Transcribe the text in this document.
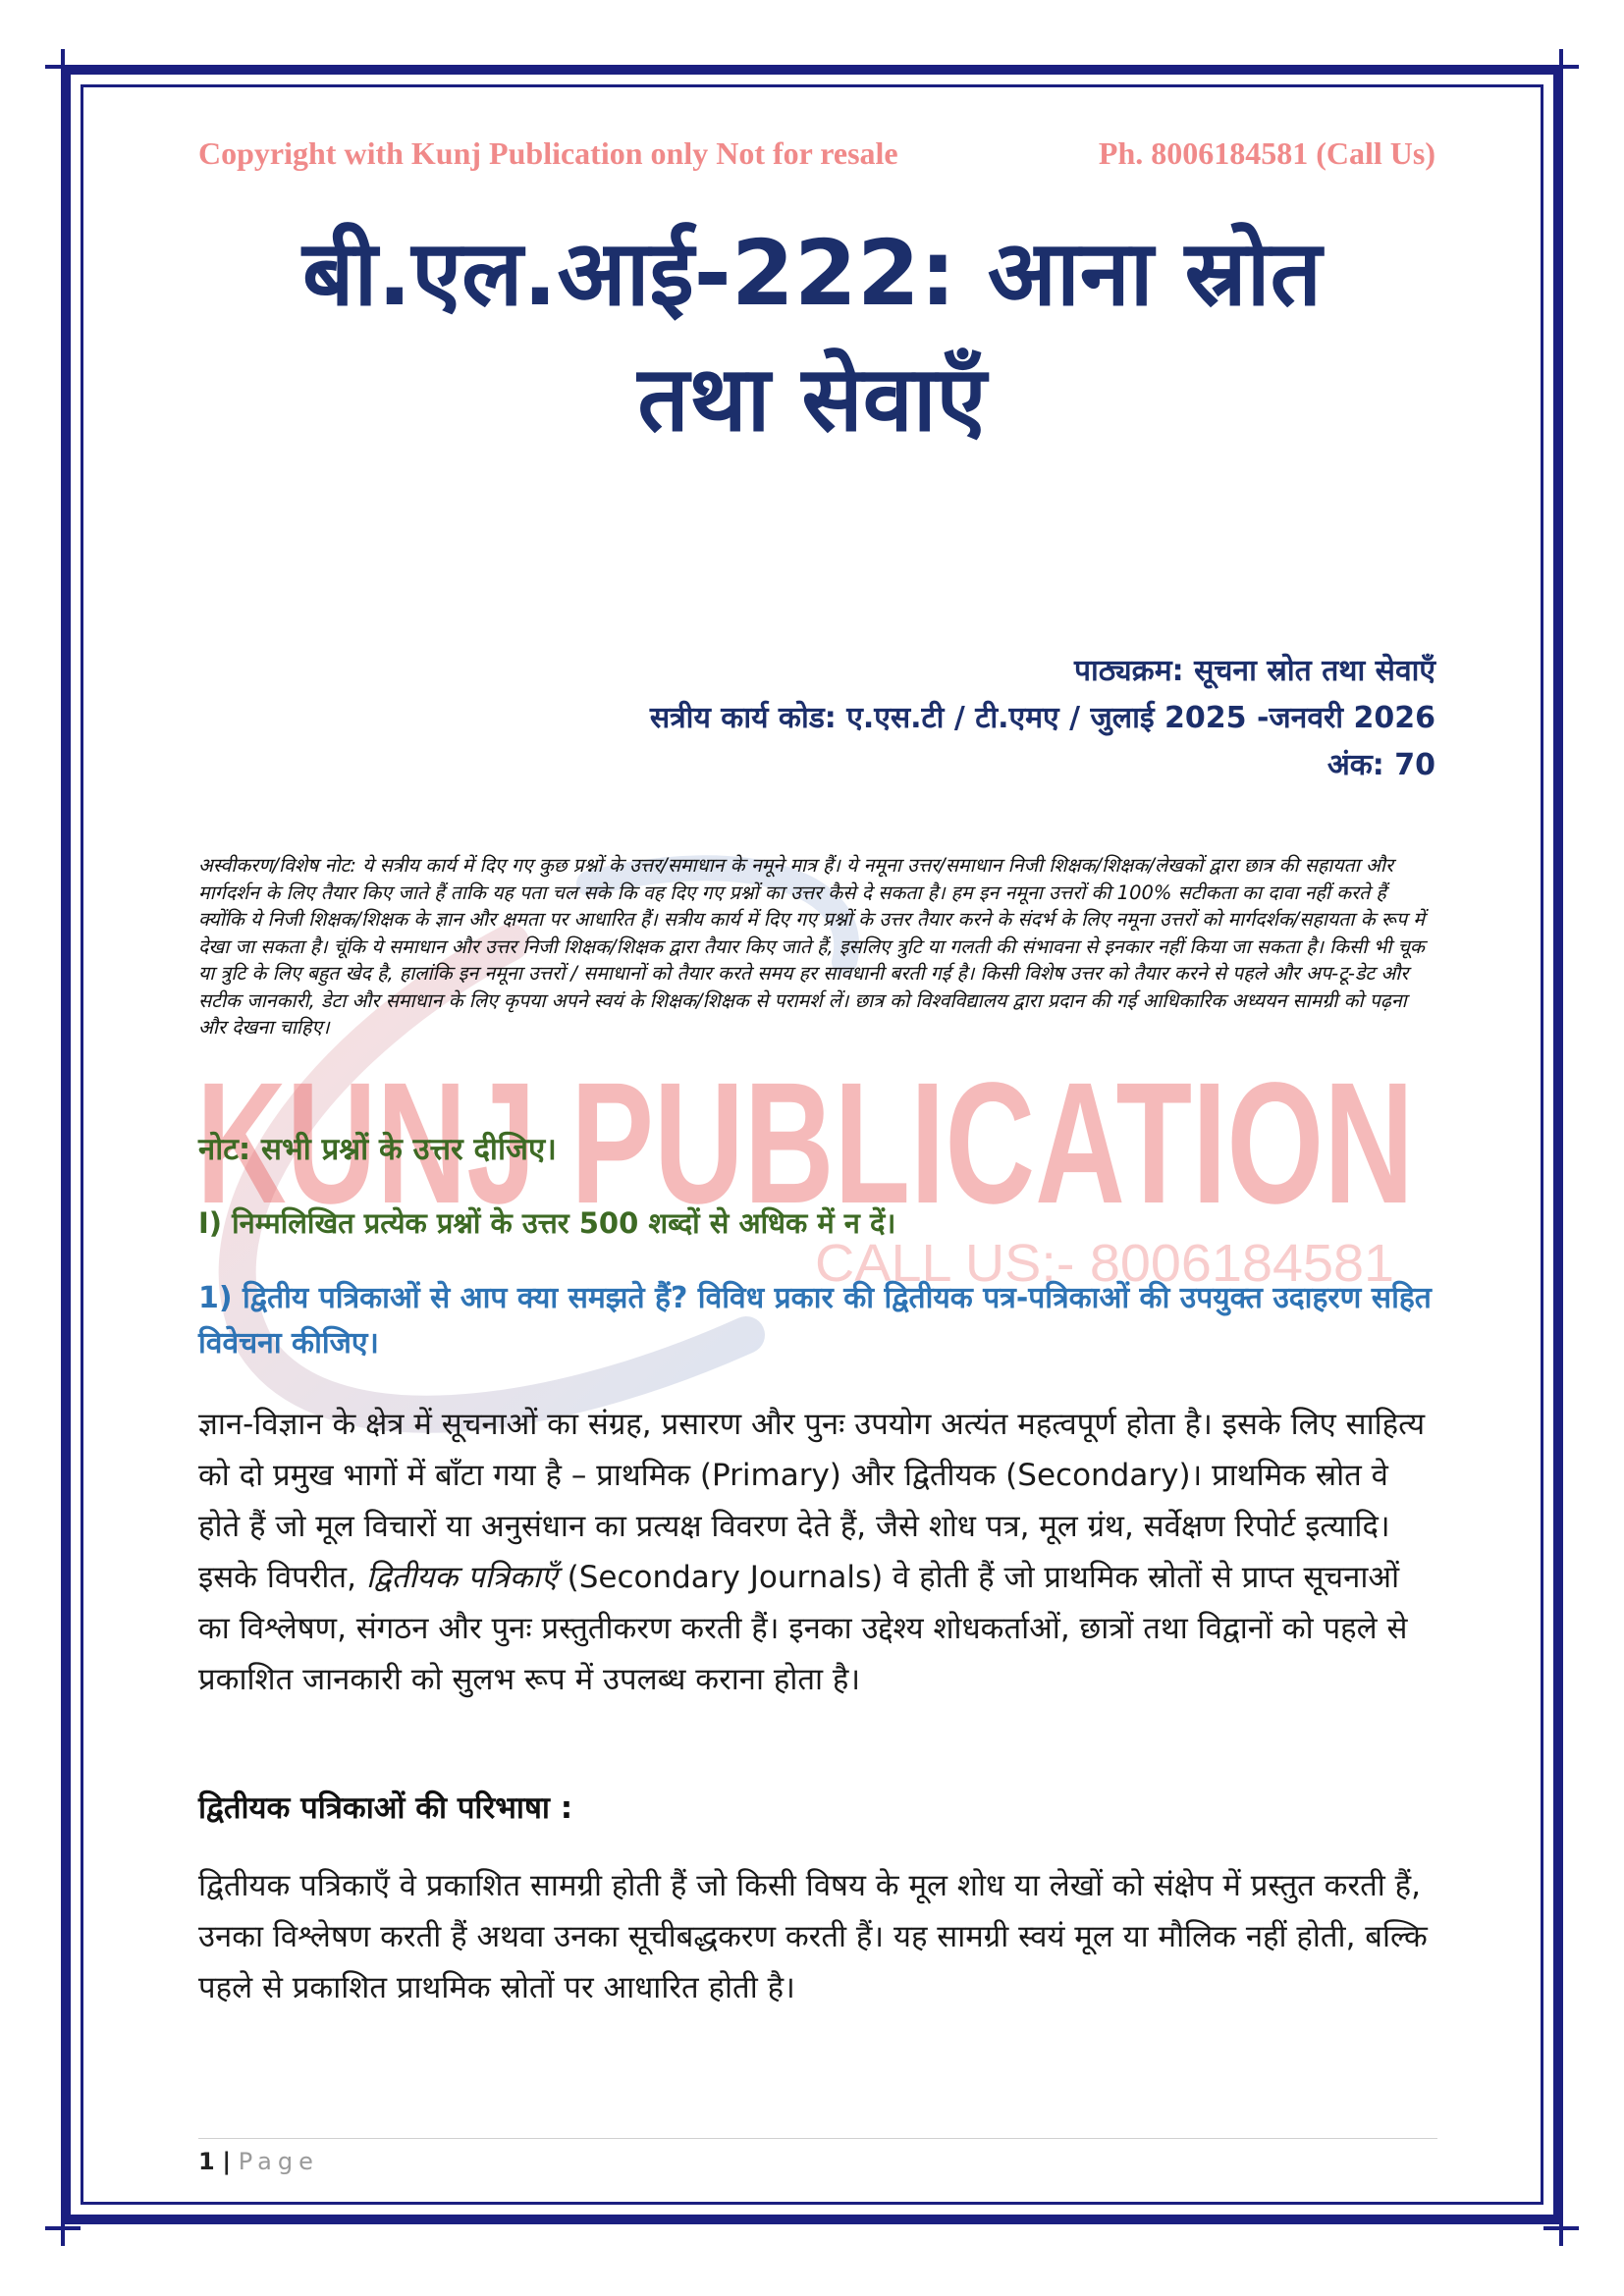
KUNJ PUBLICATION
CALL US:- 8006184581
Copyright with Kunj Publication only Not for resale	Ph. 8006184581 (Call Us)
बी.एल.आई-222: आना स्रोत
तथा सेवाएँ
पाठ्यक्रम: सूचना स्रोत तथा सेवाएँ
सत्रीय कार्य कोड: ए.एस.टी / टी.एमए / जुलाई 2025 -जनवरी 2026
अंक: 70
अस्वीकरण/विशेष नोट: ये सत्रीय कार्य में दिए गए कुछ प्रश्नों के उत्तर/समाधान के नमूने मात्र हैं। ये नमूना उत्तर/समाधान निजी शिक्षक/शिक्षक/लेखकों द्वारा छात्र की सहायता और मार्गदर्शन के लिए तैयार किए जाते हैं ताकि यह पता चल सके कि वह दिए गए प्रश्नों का उत्तर कैसे दे सकता है। हम इन नमूना उत्तरों की 100% सटीकता का दावा नहीं करते हैं क्योंकि ये निजी शिक्षक/शिक्षक के ज्ञान और क्षमता पर आधारित हैं। सत्रीय कार्य में दिए गए प्रश्नों के उत्तर तैयार करने के संदर्भ के लिए नमूना उत्तरों को मार्गदर्शक/सहायता के रूप में देखा जा सकता है। चूंकि ये समाधान और उत्तर निजी शिक्षक/शिक्षक द्वारा तैयार किए जाते हैं, इसलिए त्रुटि या गलती की संभावना से इनकार नहीं किया जा सकता है। किसी भी चूक या त्रुटि के लिए बहुत खेद है, हालांकि इन नमूना उत्तरों / समाधानों को तैयार करते समय हर सावधानी बरती गई है। किसी विशेष उत्तर को तैयार करने से पहले और अप-टू-डेट और सटीक जानकारी, डेटा और समाधान के लिए कृपया अपने स्वयं के शिक्षक/शिक्षक से परामर्श लें। छात्र को विश्वविद्यालय द्वारा प्रदान की गई आधिकारिक अध्ययन सामग्री को पढ़ना और देखना चाहिए।
नोट: सभी प्रश्नों के उत्तर दीजिए।
I) निम्मलिखित प्रत्येक प्रश्नों के उत्तर 500 शब्दों से अधिक में न दें।
1) द्वितीय पत्रिकाओं से आप क्या समझते हैं? विविध प्रकार की द्वितीयक पत्र-पत्रिकाओं की उपयुक्त उदाहरण सहित विवेचना कीजिए।
ज्ञान-विज्ञान के क्षेत्र में सूचनाओं का संग्रह, प्रसारण और पुनः उपयोग अत्यंत महत्वपूर्ण होता है। इसके लिए साहित्य को दो प्रमुख भागों में बाँटा गया है – प्राथमिक (Primary) और द्वितीयक (Secondary)। प्राथमिक स्रोत वे होते हैं जो मूल विचारों या अनुसंधान का प्रत्यक्ष विवरण देते हैं, जैसे शोध पत्र, मूल ग्रंथ, सर्वेक्षण रिपोर्ट इत्यादि। इसके विपरीत, द्वितीयक पत्रिकाएँ (Secondary Journals) वे होती हैं जो प्राथमिक स्रोतों से प्राप्त सूचनाओं का विश्लेषण, संगठन और पुनः प्रस्तुतीकरण करती हैं। इनका उद्देश्य शोधकर्ताओं, छात्रों तथा विद्वानों को पहले से प्रकाशित जानकारी को सुलभ रूप में उपलब्ध कराना होता है।
द्वितीयक पत्रिकाओं की परिभाषा :
द्वितीयक पत्रिकाएँ वे प्रकाशित सामग्री होती हैं जो किसी विषय के मूल शोध या लेखों को संक्षेप में प्रस्तुत करती हैं, उनका विश्लेषण करती हैं अथवा उनका सूचीबद्धकरण करती हैं। यह सामग्री स्वयं मूल या मौलिक नहीं होती, बल्कि पहले से प्रकाशित प्राथमिक स्रोतों पर आधारित होती है।
1 | Page
